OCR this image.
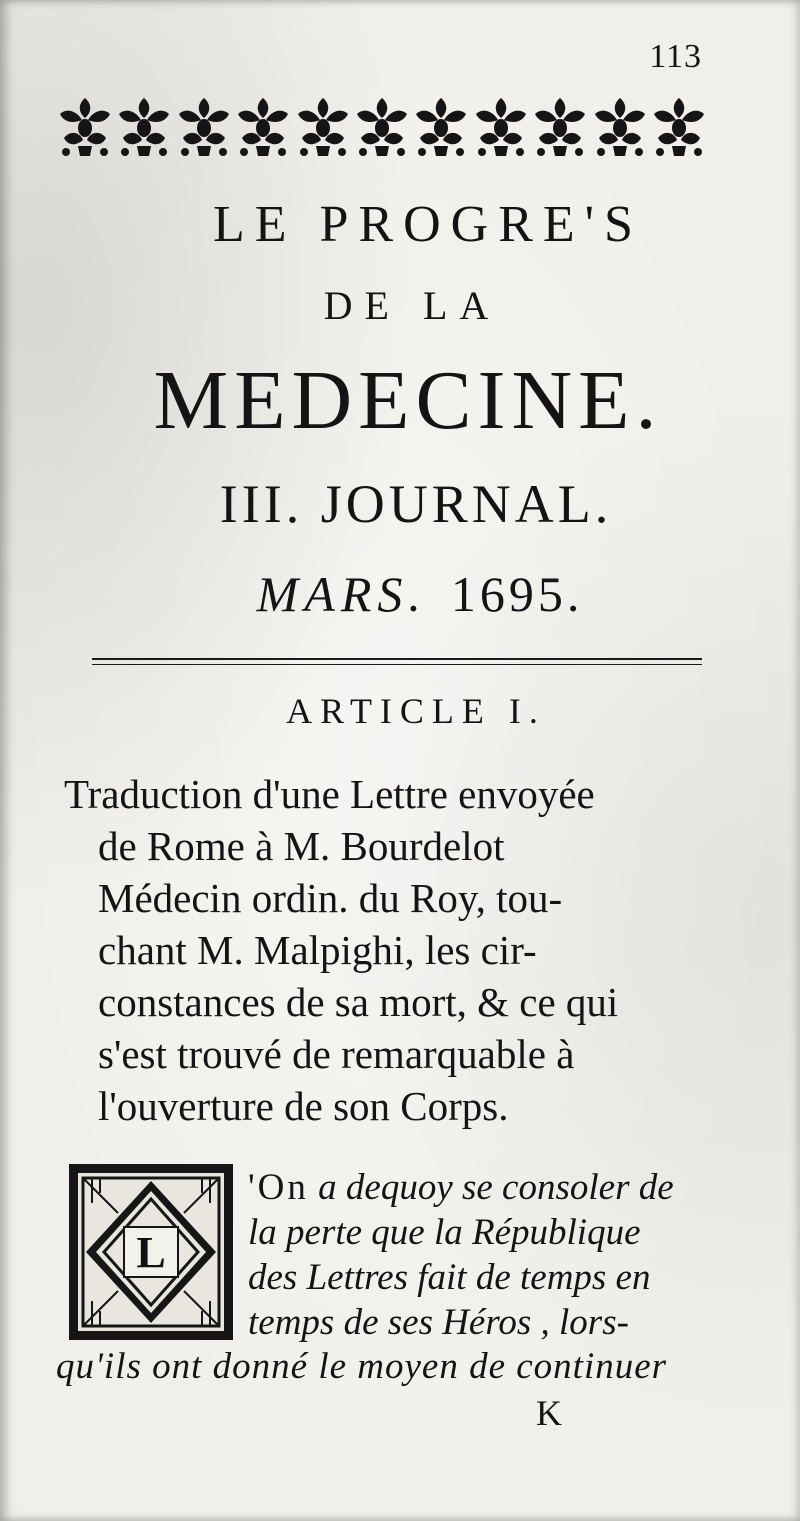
113
LE PROGRE'S
DE LA
MEDECINE.
III. JOURNAL.
MARS. 1695.
ARTICLE I.
Traduction d'une Lettre envoyée
de Rome à M. Bourdelot
Médecin ordin. du Roy, tou-
chant M. Malpighi, les cir-
constances de sa mort, & ce qui
s'est trouvé de remarquable à
l'ouverture de son Corps.
L
'On a dequoy se consoler de
la perte que la République
des Lettres fait de temps en
temps de ses Héros , lors-
qu'ils ont donné le moyen de continuer
K
